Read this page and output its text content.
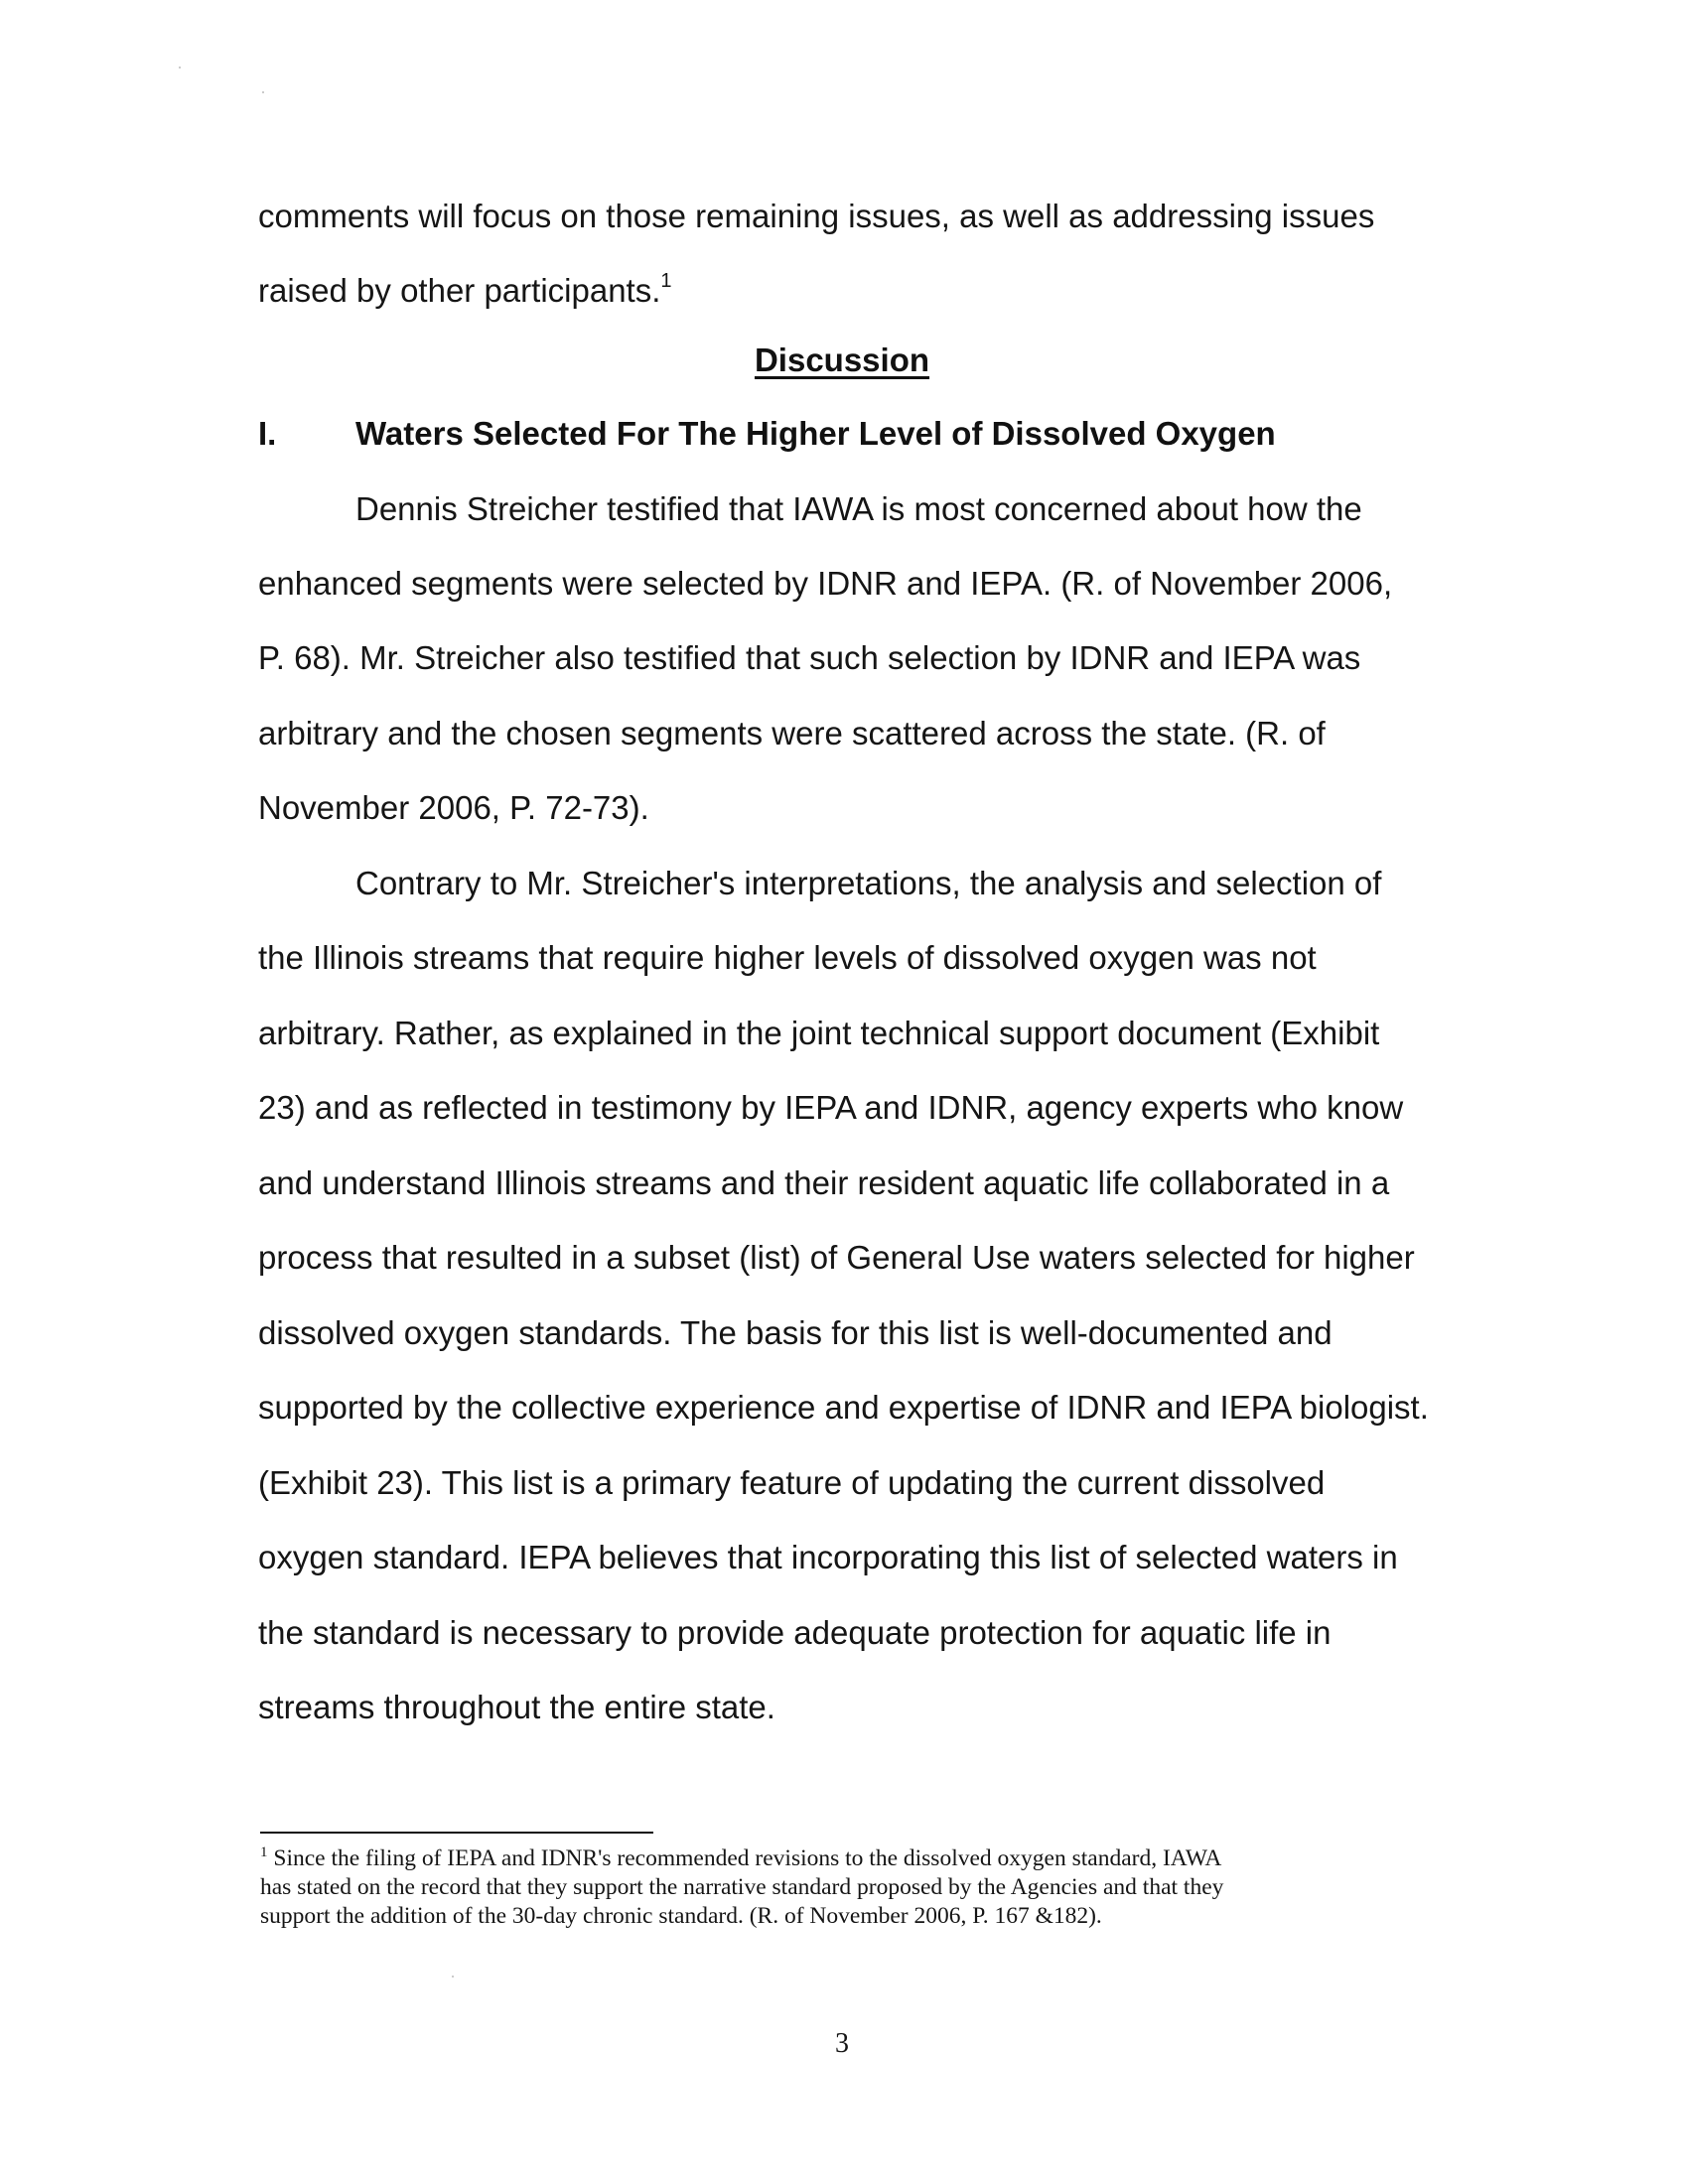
comments will focus on those remaining issues, as well as addressing issues
raised by other participants.$^1$
Discussion
I. Waters Selected For The Higher Level of Dissolved Oxygen
Dennis Streicher testified that IAWA is most concerned about how the
enhanced segments were selected by IDNR and IEPA. (R. of November 2006,
P. 68). Mr. Streicher also testified that such selection by IDNR and IEPA was
arbitrary and the chosen segments were scattered across the state. (R. of
November 2006, P. 72-73).
Contrary to Mr. Streicher's interpretations, the analysis and selection of
the Illinois streams that require higher levels of dissolved oxygen was not
arbitrary. Rather, as explained in the joint technical support document (Exhibit
23) and as reflected in testimony by IEPA and IDNR, agency experts who know
and understand Illinois streams and their resident aquatic life collaborated in a
process that resulted in a subset (list) of General Use waters selected for higher
dissolved oxygen standards. The basis for this list is well-documented and
supported by the collective experience and expertise of IDNR and IEPA biologist.
(Exhibit 23). This list is a primary feature of updating the current dissolved
oxygen standard. IEPA believes that incorporating this list of selected waters in
the standard is necessary to provide adequate protection for aquatic life in
streams throughout the entire state.
$^1$ Since the filing of IEPA and IDNR's recommended revisions to the dissolved oxygen standard, IAWA
has stated on the record that they support the narrative standard proposed by the Agencies and that they
support the addition of the 30-day chronic standard. (R. of November 2006, P. 167 &182).
3
